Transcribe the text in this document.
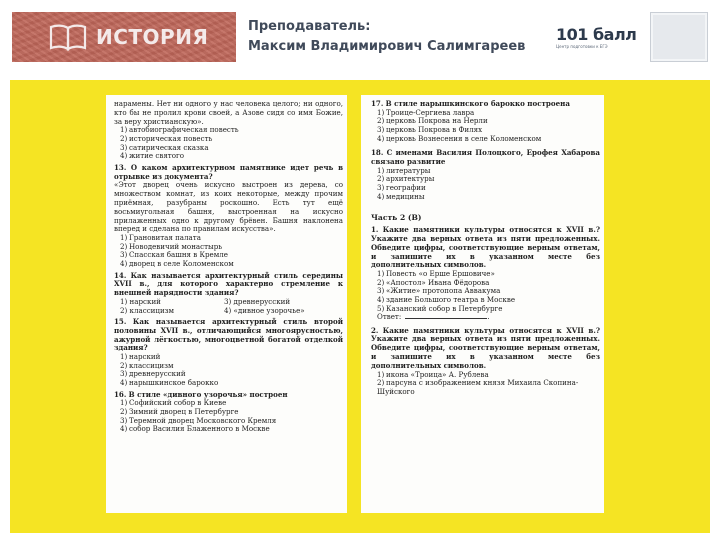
ИСТОРИЯ	Преподаватель:
Максим Владимирович Салимгареев
101 балл
Центр подготовки к ЕГЭ
нарамены. Нет ни одного у нас человека целого; ни одного, кто бы не пролил крови своей, а Азове сидя со имя Божие, за веру христианскую».
1) автобиографическая повесть
2) историческая повесть
3) сатирическая сказка
4) житие святого
13. О каком архитектурном памятнике идет речь в отрывке из документа?
«Этот дворец очень искусно выстроен из дерева, со множеством комнат, из коих некоторые, между прочим приёмная, разубраны роскошно. Есть тут ещё восьмиугольная башня, выстроенная на искусно прилаженных одно к другому брёвен. Башня наклонена вперед и сделана по правилам искусства».
1) Грановитая палата
2) Новодевичий монастырь
3) Спасская башня в Кремле
4) дворец в селе Коломенском
14. Как называется архитектурный стиль середины XVII в., для которого характерно стремление к внешней нарядности здания?
1) нарский	3) древнерусский
2) классицизм	4) «дивное узорочье»
15. Как называется архитектурный стиль второй половины XVII в., отличающийся многоярусностью, ажурной лёгкостью, многоцветной богатой отделкой здания?
1) нарский
2) классицизм
3) древнерусский
4) нарышкинское барокко
16. В стиле «дивного узорочья» построен
1) Софийский собор в Киеве
2) Зимний дворец в Петербурге
3) Теремной дворец Московского Кремля
4) собор Василия Блаженного в Москве
17. В стиле нарышкинского барокко построена
1) Троице-Сергиева лавра
2) церковь Покрова на Нерли
3) церковь Покрова в Филях
4) церковь Вознесения в селе Коломенском
18. С именами Василия Полоцкого, Ерофея Хабарова связано развитие
1) литературы
2) архитектуры
3) географии
4) медицины
Часть 2 (В)
1. Какие памятники культуры относятся к XVII в.? Укажите два верных ответа из пяти предложенных. Обведите цифры, соответствующие верным ответам, и запишите их в указанном месте без дополнительных символов.
1) Повесть «о Ерше Ершовиче»
2) «Апостол» Ивана Фёдорова
3) «Житие» протопопа Аввакума
4) здание Большого театра в Москве
5) Казанский собор в Петербурге
Ответ:	.
2. Какие памятники культуры относятся к XVII в.? Укажите два верных ответа из пяти предложенных. Обведите цифры, соответствующие верным ответам, и запишите их в указанном месте без дополнительных символов.
1) икона «Троица» А. Рублева
2) парсуна с изображением князя Михаила Скопина-Шуйского
